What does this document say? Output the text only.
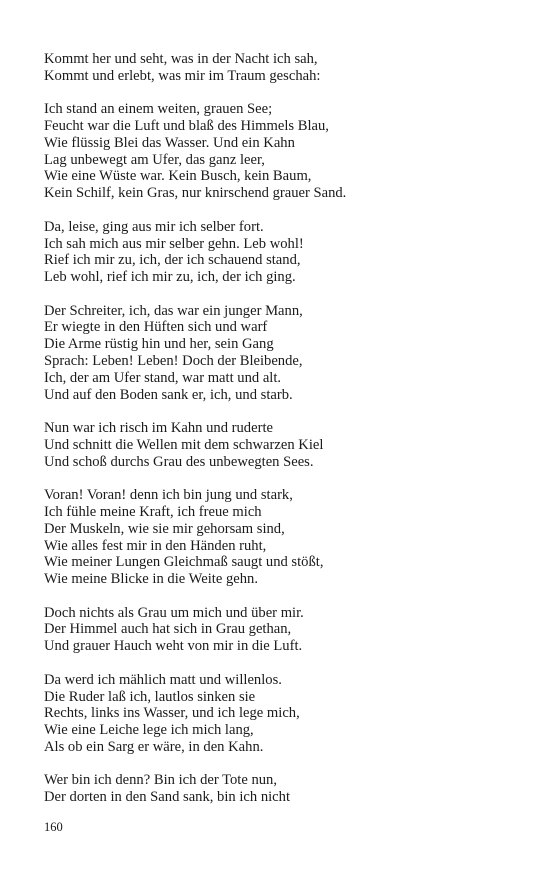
Kommt her und seht, was in der Nacht ich sah,
Kommt und erlebt, was mir im Traum geschah:
Ich stand an einem weiten, grauen See;
Feucht war die Luft und blaß des Himmels Blau,
Wie flüssig Blei das Wasser. Und ein Kahn
Lag unbewegt am Ufer, das ganz leer,
Wie eine Wüste war. Kein Busch, kein Baum,
Kein Schilf, kein Gras, nur knirschend grauer Sand.
Da, leise, ging aus mir ich selber fort.
Ich sah mich aus mir selber gehn. Leb wohl!
Rief ich mir zu, ich, der ich schauend stand,
Leb wohl, rief ich mir zu, ich, der ich ging.
Der Schreiter, ich, das war ein junger Mann,
Er wiegte in den Hüften sich und warf
Die Arme rüstig hin und her, sein Gang
Sprach: Leben! Leben! Doch der Bleibende,
Ich, der am Ufer stand, war matt und alt.
Und auf den Boden sank er, ich, und starb.
Nun war ich risch im Kahn und ruderte
Und schnitt die Wellen mit dem schwarzen Kiel
Und schoß durchs Grau des unbewegten Sees.
Voran! Voran! denn ich bin jung und stark,
Ich fühle meine Kraft, ich freue mich
Der Muskeln, wie sie mir gehorsam sind,
Wie alles fest mir in den Händen ruht,
Wie meiner Lungen Gleichmaß saugt und stößt,
Wie meine Blicke in die Weite gehn.
Doch nichts als Grau um mich und über mir.
Der Himmel auch hat sich in Grau gethan,
Und grauer Hauch weht von mir in die Luft.
Da werd ich mählich matt und willenlos.
Die Ruder laß ich, lautlos sinken sie
Rechts, links ins Wasser, und ich lege mich,
Wie eine Leiche lege ich mich lang,
Als ob ein Sarg er wäre, in den Kahn.
Wer bin ich denn? Bin ich der Tote nun,
Der dorten in den Sand sank, bin ich nicht
160
